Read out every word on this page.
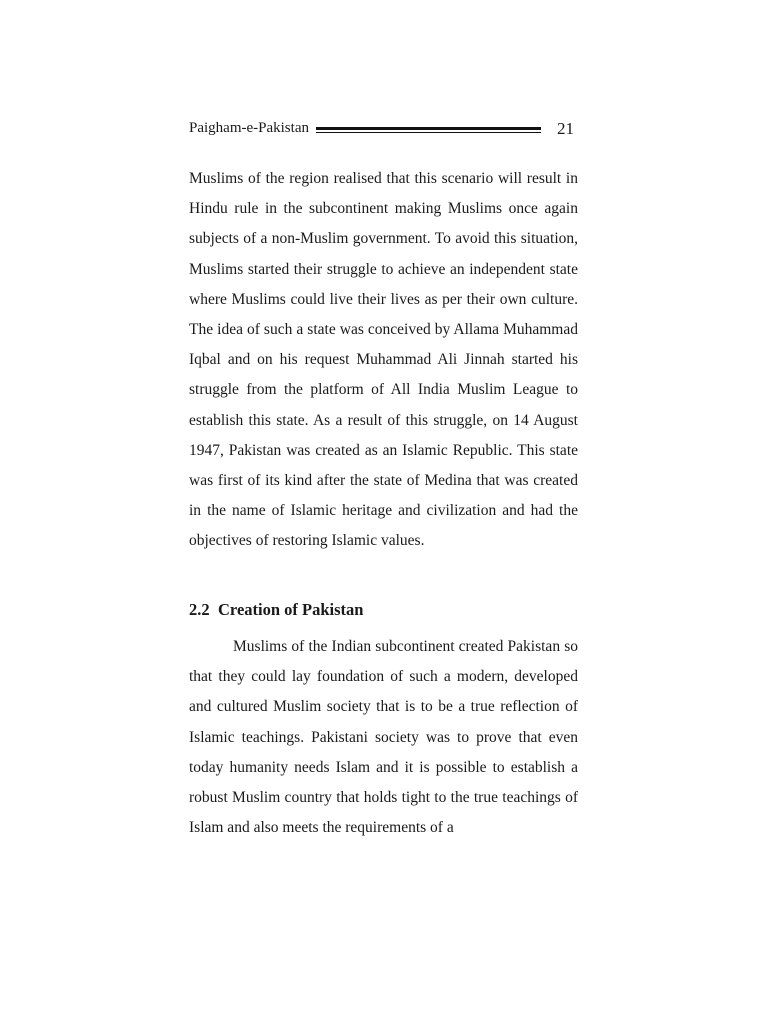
Paigham-e-Pakistan	21

Muslims of the region realised that this scenario will result in Hindu rule in the subcontinent making Muslims once again subjects of a non-Muslim government. To avoid this situation, Muslims started their struggle to achieve an independent state where Muslims could live their lives as per their own culture. The idea of such a state was conceived by Allama Muhammad Iqbal and on his request Muhammad Ali Jinnah started his struggle from the platform of All India Muslim League to establish this state. As a result of this struggle, on 14 August 1947, Pakistan was created as an Islamic Republic. This state was first of its kind after the state of Medina that was created in the name of Islamic heritage and civilization and had the objectives of restoring Islamic values.

2.2 Creation of Pakistan

Muslims of the Indian subcontinent created Pakistan so that they could lay foundation of such a modern, developed and cultured Muslim society that is to be a true reflection of Islamic teachings. Pakistani society was to prove that even today humanity needs Islam and it is possible to establish a robust Muslim country that holds tight to the true teachings of Islam and also meets the requirements of a
